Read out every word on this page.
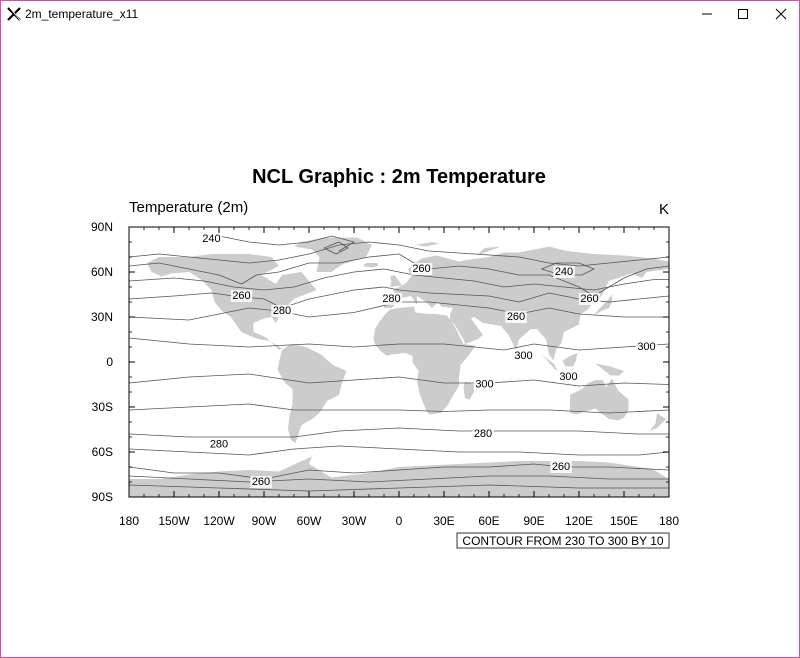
2m_temperature_x11
NCL Graphic : 2m Temperature
Temperature (2m)	K
240
260	240
260
280
280	260
260
300
300
300
300
280
280
260
260
180 150W 120W 90W 60W 30W 0	30E 60E 90E 120E 150E 180
90N
60N
30N
0
30S
60S
90S
CONTOUR FROM 230 TO 300 BY 10
